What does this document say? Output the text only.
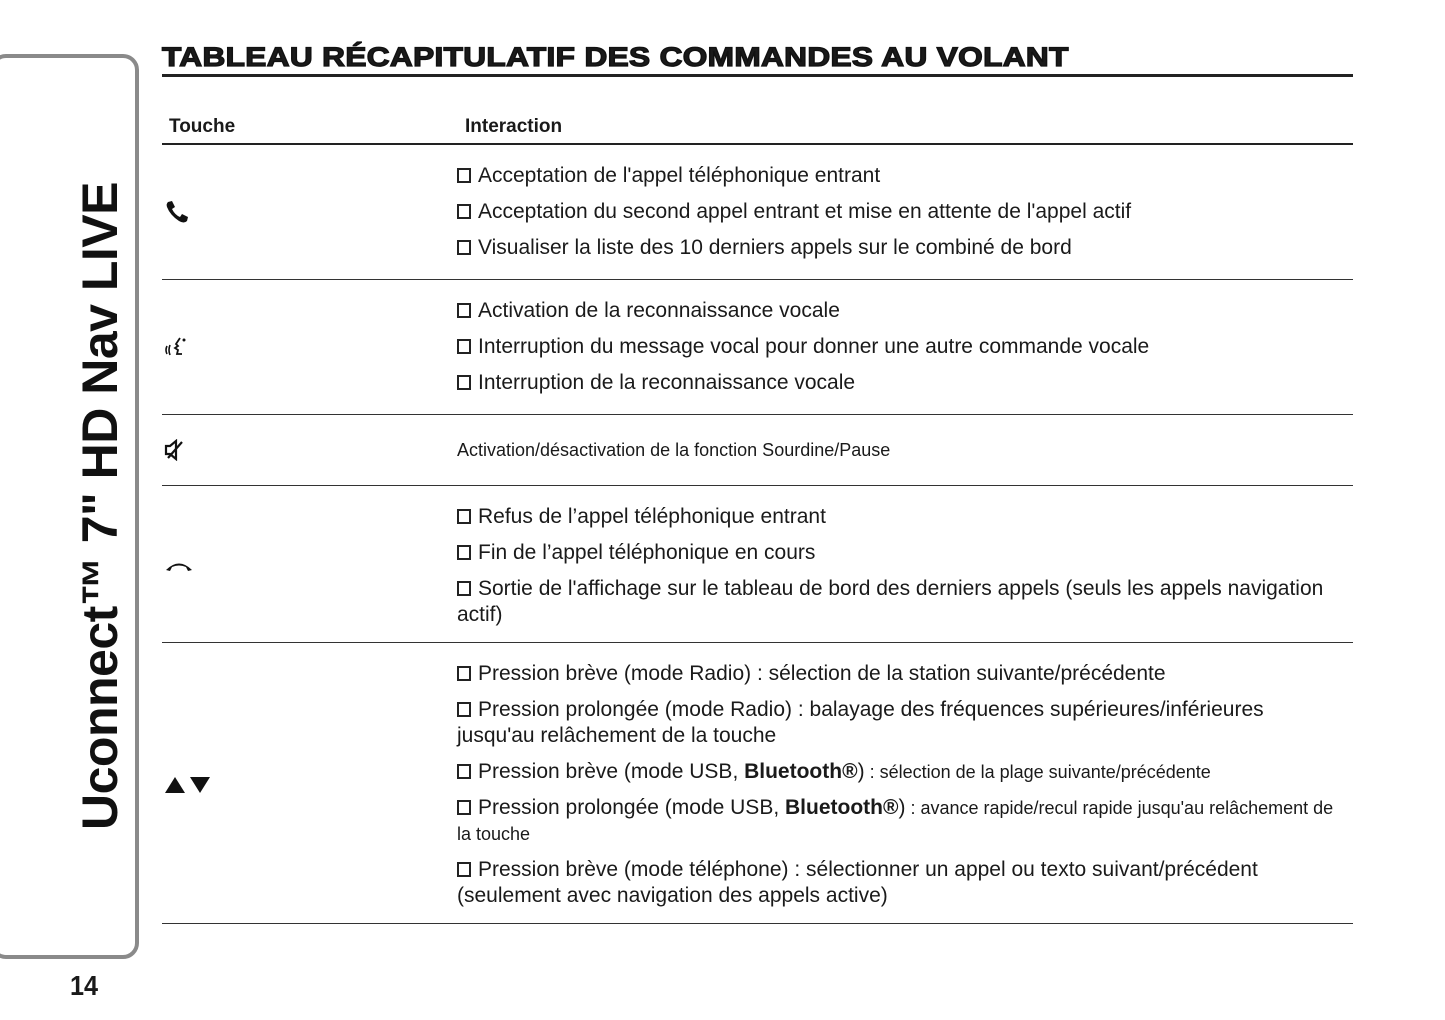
Uconnect™ 7" HD Nav LIVE
14
TABLEAU RÉCAPITULATIF DES COMMANDES AU VOLANT
Touche	Interaction
Acceptation de l'appel téléphonique entrant
Acceptation du second appel entrant et mise en attente de l'appel actif
Visualiser la liste des 10 derniers appels sur le combiné de bord
Activation de la reconnaissance vocale
Interruption du message vocal pour donner une autre commande vocale
Interruption de la reconnaissance vocale
Activation/désactivation de la fonction Sourdine/Pause
Refus de l’appel téléphonique entrant
Fin de l’appel téléphonique en cours
Sortie de l'affichage sur le tableau de bord des derniers appels (seuls les appels navigation actif)
Pression brève (mode Radio) : sélection de la station suivante/précédente
Pression prolongée (mode Radio) : balayage des fréquences supérieures/inférieures jusqu'au relâchement de la touche
Pression brève (mode USB, Bluetooth®) : sélection de la plage suivante/précédente
Pression prolongée (mode USB, Bluetooth®) : avance rapide/recul rapide jusqu'au relâchement de la touche
Pression brève (mode téléphone) : sélectionner un appel ou texto suivant/précédent (seulement avec navigation des appels active)
